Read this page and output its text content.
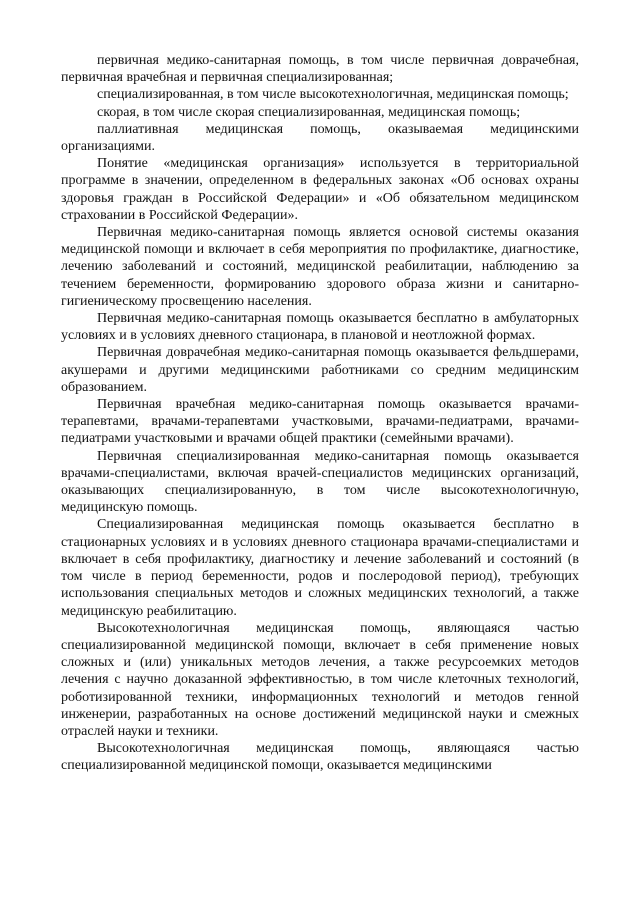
первичная медико-санитарная помощь, в том числе первичная доврачебная, первичная врачебная и первичная специализированная;

специализированная, в том числе высокотехнологичная, медицинская помощь;

скорая, в том числе скорая специализированная, медицинская помощь;

паллиативная медицинская помощь, оказываемая медицинскими организациями.

Понятие «медицинская организация» используется в территориальной программе в значении, определенном в федеральных законах «Об основах охраны здоровья граждан в Российской Федерации» и «Об обязательном медицинском страховании в Российской Федерации».

Первичная медико-санитарная помощь является основой системы оказания медицинской помощи и включает в себя мероприятия по профилактике, диагностике, лечению заболеваний и состояний, медицинской реабилитации, наблюдению за течением беременности, формированию здорового образа жизни и санитарно-гигиеническому просвещению населения.

Первичная медико-санитарная помощь оказывается бесплатно в амбулаторных условиях и в условиях дневного стационара, в плановой и неотложной формах.

Первичная доврачебная медико-санитарная помощь оказывается фельдшерами, акушерами и другими медицинскими работниками со средним медицинским образованием.

Первичная врачебная медико-санитарная помощь оказывается врачами-терапевтами, врачами-терапевтами участковыми, врачами-педиатрами, врачами-педиатрами участковыми и врачами общей практики (семейными врачами).

Первичная специализированная медико-санитарная помощь оказывается врачами-специалистами, включая врачей-специалистов медицинских организаций, оказывающих специализированную, в том числе высокотехнологичную, медицинскую помощь.

Специализированная медицинская помощь оказывается бесплатно в стационарных условиях и в условиях дневного стационара врачами-специалистами и включает в себя профилактику, диагностику и лечение заболеваний и состояний (в том числе в период беременности, родов и послеродовой период), требующих использования специальных методов и сложных медицинских технологий, а также медицинскую реабилитацию.

Высокотехнологичная медицинская помощь, являющаяся частью специализированной медицинской помощи, включает в себя применение новых сложных и (или) уникальных методов лечения, а также ресурсоемких методов лечения с научно доказанной эффективностью, в том числе клеточных технологий, роботизированной техники, информационных технологий и методов генной инженерии, разработанных на основе достижений медицинской науки и смежных отраслей науки и техники.

Высокотехнологичная медицинская помощь, являющаяся частью специализированной медицинской помощи, оказывается медицинскими
